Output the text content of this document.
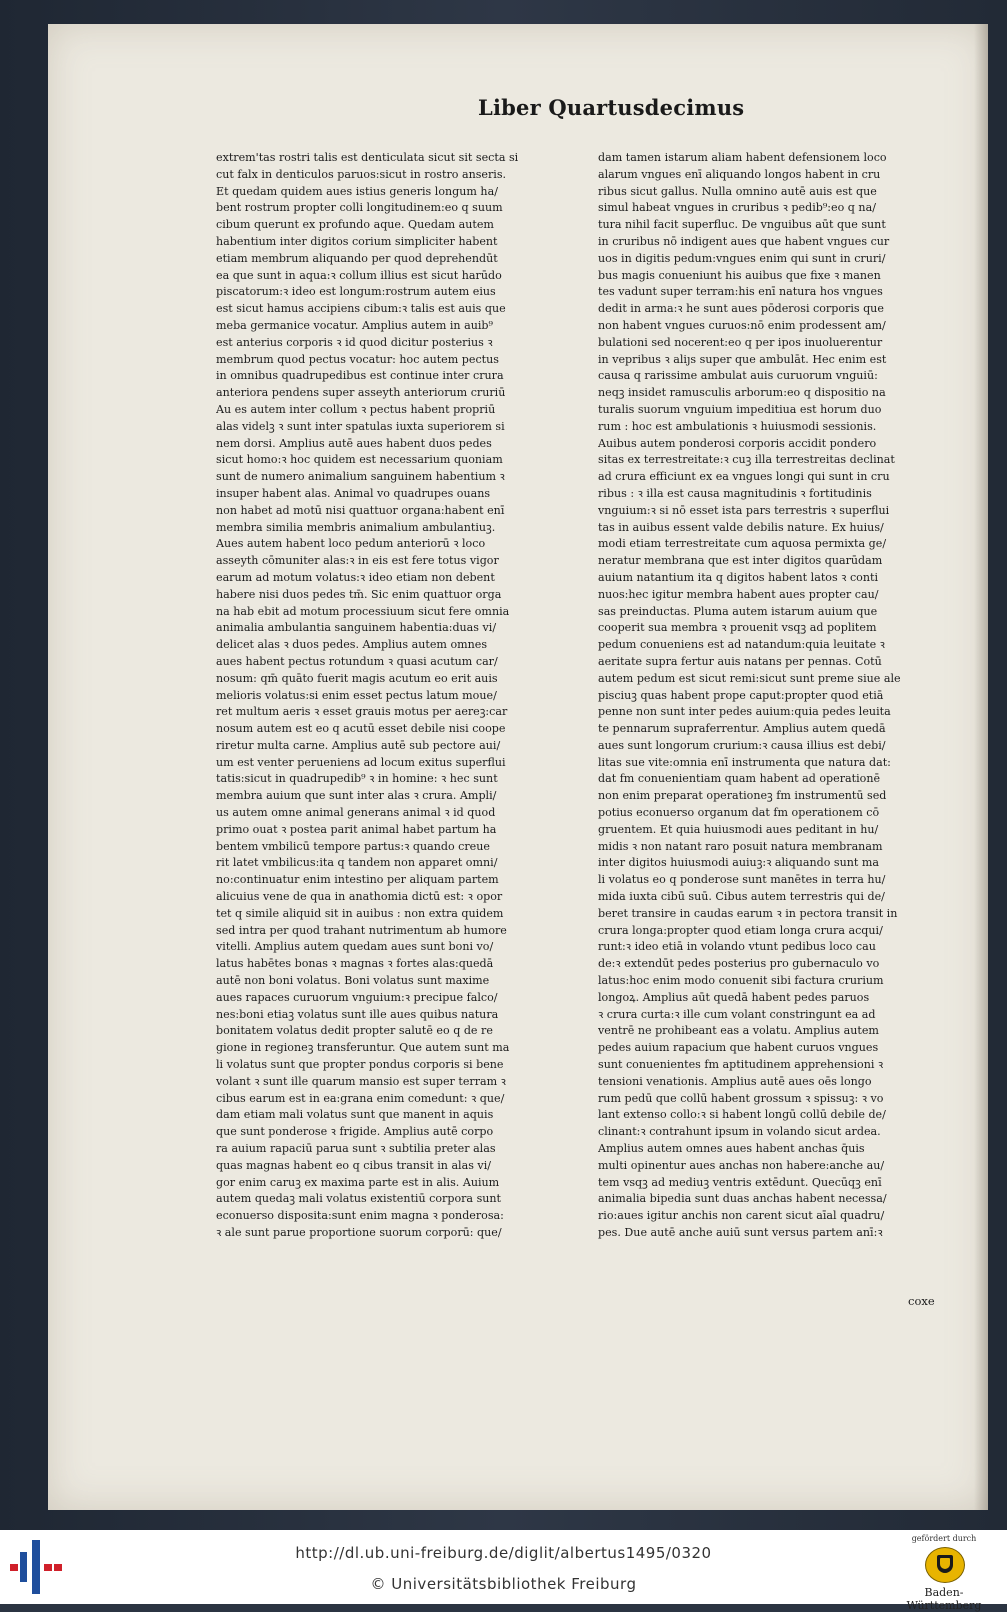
Liber Quartusdecimus
extrem'tas rostri talis est denticulata sicut sit secta si
cut falx in denticulos paruos:sicut in rostro anseris.
Et quedam quidem aues istius generis longum ha/
bent rostrum propter colli longitudinem:eo q suum
cibum querunt ex profundo aque. Quedam autem
habentium inter digitos corium simpliciter habent
etiam membrum aliquando per quod deprehendūt
ea que sunt in aqua:ꝛ collum illius est sicut harūdo
piscatorum:ꝛ ideo est longum:rostrum autem eius
est sicut hamus accipiens cibum:ꝛ talis est auis que
meba germanice vocatur. Amplius autem in auib⁹
est anterius corporis ꝛ id quod dicitur posterius ꝛ
membrum quod pectus vocatur: hoc autem pectus
in omnibus quadrupedibus est continue inter crura
anteriora pendens super asseyth anteriorum cruriū
Au es autem inter collum ꝛ pectus habent propriū
alas videlꝫ ꝛ sunt inter spatulas iuxta superiorem si
nem dorsi. Amplius autē aues habent duos pedes
sicut homo:ꝛ hoc quidem est necessarium quoniam
sunt de numero animalium sanguinem habentium ꝛ
insuper habent alas. Animal vo quadrupes ouans
non habet ad motū nisi quattuor organa:habent enī
membra similia membris animalium ambulantiuꝫ.
Aues autem habent loco pedum anteriorū ꝛ loco
asseyth cōmuniter alas:ꝛ in eis est fere totus vigor
earum ad motum volatus:ꝛ ideo etiam non debent
habere nisi duos pedes tm̄. Sic enim quattuor orga
na hab ebit ad motum processiuum sicut fere omnia
animalia ambulantia sanguinem habentia:duas vi/
delicet alas ꝛ duos pedes. Amplius autem omnes
aues habent pectus rotundum ꝛ quasi acutum car/
nosum: qm̄ quāto fuerit magis acutum eo erit auis
melioris volatus:si enim esset pectus latum moue/
ret multum aeris ꝛ esset grauis motus per aereꝫ:car
nosum autem est eo q acutū esset debile nisi coope
riretur multa carne. Amplius autē sub pectore aui/
um est venter perueniens ad locum exitus superflui
tatis:sicut in quadrupedib⁹ ꝛ in homine: ꝛ hec sunt
membra auium que sunt inter alas ꝛ crura. Ampli/
us autem omne animal generans animal ꝛ id quod
primo ouat ꝛ postea parit animal habet partum ha
bentem vmbilicū tempore partus:ꝛ quando creue
rit latet vmbilicus:ita q tandem non apparet omni/
no:continuatur enim intestino per aliquam partem
alicuius vene de qua in anathomia dictū est: ꝛ opor
tet q simile aliquid sit in auibus : non extra quidem
sed intra per quod trahant nutrimentum ab humore
vitelli. Amplius autem quedam aues sunt boni vo/
latus habētes bonas ꝛ magnas ꝛ fortes alas:quedā
autē non boni volatus. Boni volatus sunt maxime
aues rapaces curuorum vnguium:ꝛ precipue falco/
nes:boni etiaꝫ volatus sunt ille aues quibus natura
bonitatem volatus dedit propter salutē eo q de re
gione in regioneꝫ transferuntur. Que autem sunt ma
li volatus sunt que propter pondus corporis si bene
volant ꝛ sunt ille quarum mansio est super terram ꝛ
cibus earum est in ea:grana enim comedunt: ꝛ que/
dam etiam mali volatus sunt que manent in aquis
que sunt ponderose ꝛ frigide. Amplius autē corpo
ra auium rapaciū parua sunt ꝛ subtilia preter alas
quas magnas habent eo q cibus transit in alas vi/
gor enim caruꝫ ex maxima parte est in alis. Auium
autem quedaꝫ mali volatus existentiū corpora sunt
econuerso disposita:sunt enim magna ꝛ ponderosa:
ꝛ ale sunt parue proportione suorum corporū: que/
dam tamen istarum aliam habent defensionem loco
alarum vngues enī aliquando longos habent in cru
ribus sicut gallus. Nulla omnino autē auis est que
simul habeat vngues in cruribus ꝛ pedib⁹:eo q na/
tura nihil facit superfluc. De vnguibus aūt que sunt
in cruribus nō indigent aues que habent vngues cur
uos in digitis pedum:vngues enim qui sunt in cruri/
bus magis conueniunt his auibus que fixe ꝛ manen
tes vadunt super terram:his enī natura hos vngues
dedit in arma:ꝛ he sunt aues pōderosi corporis que
non habent vngues curuos:nō enim prodessent am/
bulationi sed nocerent:eo q per ipos inuoluerentur
in vepribus ꝛ aliȷs super que ambulāt. Hec enim est
causa q rarissime ambulat auis curuorum vnguiū:
neqꝫ insidet ramusculis arborum:eo q dispositio na
turalis suorum vnguium impeditiua est horum duo
rum : hoc est ambulationis ꝛ huiusmodi sessionis.
Auibus autem ponderosi corporis accidit pondero
sitas ex terrestreitate:ꝛ cuꝫ illa terrestreitas declinat
ad crura efficiunt ex ea vngues longi qui sunt in cru
ribus : ꝛ illa est causa magnitudinis ꝛ fortitudinis
vnguium:ꝛ si nō esset ista pars terrestris ꝛ superflui
tas in auibus essent valde debilis nature. Ex huius/
modi etiam terrestreitate cum aquosa permixta ge/
neratur membrana que est inter digitos quarūdam
auium natantium ita q digitos habent latos ꝛ conti
nuos:hec igitur membra habent aues propter cau/
sas preinductas. Pluma autem istarum auium que
cooperit sua membra ꝛ prouenit vsqꝫ ad poplitem
pedum conueniens est ad natandum:quia leuitate ꝛ
aeritate supra fertur auis natans per pennas. Cotū
autem pedum est sicut remi:sicut sunt preme siue ale
pisciuꝫ quas habent prope caput:propter quod etiā
penne non sunt inter pedes auium:quia pedes leuita
te pennarum supraferrentur. Amplius autem quedā
aues sunt longorum crurium:ꝛ causa illius est debi/
litas sue vite:omnia enī instrumenta que natura dat:
dat fm conuenientiam quam habent ad operationē
non enim preparat operationeꝫ fm instrumentū sed
potius econuerso organum dat fm operationem cō
gruentem. Et quia huiusmodi aues peditant in hu/
midis ꝛ non natant raro posuit natura membranam
inter digitos huiusmodi auiuꝫ:ꝛ aliquando sunt ma
li volatus eo q ponderose sunt manētes in terra hu/
mida iuxta cibū suū. Cibus autem terrestris qui de/
beret transire in caudas earum ꝛ in pectora transit in
crura longa:propter quod etiam longa crura acqui/
runt:ꝛ ideo etiā in volando vtunt pedibus loco cau
de:ꝛ extendūt pedes posterius pro gubernaculo vo
latus:hoc enim modo conuenit sibi factura crurium
longoꝝ. Amplius aūt quedā habent pedes paruos
ꝛ crura curta:ꝛ ille cum volant constringunt ea ad
ventrē ne prohibeant eas a volatu. Amplius autem
pedes auium rapacium que habent curuos vngues
sunt conuenientes fm aptitudinem apprehensioni ꝛ
tensioni venationis. Amplius autē aues oēs longo
rum pedū que collū habent grossum ꝛ spissuꝫ: ꝛ vo
lant extenso collo:ꝛ si habent longū collū debile de/
clinant:ꝛ contrahunt ipsum in volando sicut ardea.
Amplius autem omnes aues habent anchas q̄uis
multi opinentur aues anchas non habere:anche au/
tem vsqꝫ ad mediuꝫ ventris extēdunt. Quecūqꝫ enī
animalia bipedia sunt duas anchas habent necessa/
rio:aues igitur anchis non carent sicut aīal quadru/
pes. Due autē anche auiū sunt versus partem anī:ꝛ
coxe
http://dl.ub.uni-freiburg.de/diglit/albertus1495/0320
© Universitätsbibliothek Freiburg
gefördert durch
Baden-Württemberg
